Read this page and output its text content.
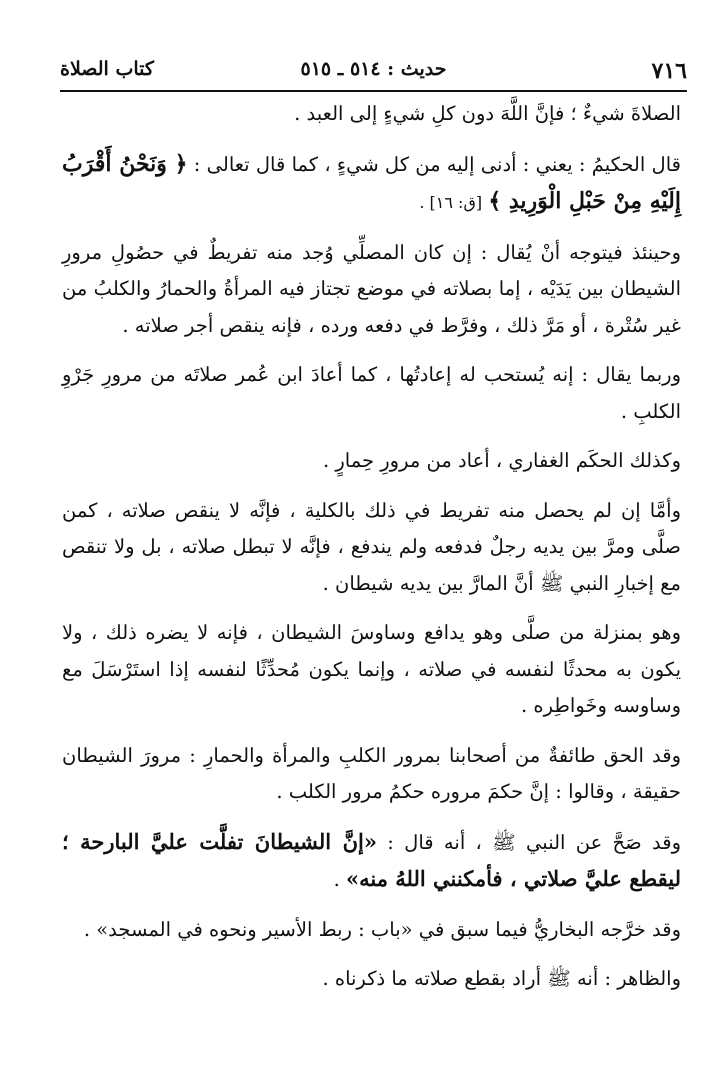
٧١٦
حديث : ٥١٤ ـ ٥١٥
كتاب الصلاة

الصلاةَ شيءٌ ؛ فإنَّ اللَّهَ دون كلِ شيءٍ إلى العبد .

قال الحكيمُ : يعني : أدنى إليه من كل شيءٍ ، كما قال تعالى : ﴿ وَنَحْنُ أَقْرَبُ إِلَيْهِ مِنْ حَبْلِ الْوَرِيدِ ﴾ [ق: ١٦] .

وحينئذ فيتوجه أنْ يُقال : إن كان المصلِّي وُجد منه تفريطٌ في حصُولِ مرورِ الشيطان بين يَدَيْه ، إما بصلاته في موضع تجتاز فيه المرأةُ والحمارُ والكلبُ من غير سُتْرة ، أو مَرَّ ذلك ، وفرَّط في دفعه ورده ، فإنه ينقص أجر صلاته .

وربما يقال : إنه يُستحب له إعادتُها ، كما أعادَ ابن عُمر صلاتَه من مرورِ جَرْوِ الكلبِ .

وكذلك الحكَم الغفاري ، أعاد من مرورِ حِمارٍ .

وأمَّا إن لم يحصل منه تفريط في ذلك بالكلية ، فإنَّه لا ينقص صلاته ، كمن صلَّى ومرَّ بين يديه رجلٌ فدفعه ولم يندفع ، فإنَّه لا تبطل صلاته ، بل ولا تنقص مع إخبارِ النبي ﷺ أنَّ المارَّ بين يديه شيطان .

وهو بمنزلة من صلَّى وهو يدافع وساوسَ الشيطان ، فإنه لا يضره ذلك ، ولا يكون به محدثًا لنفسه في صلاته ، وإنما يكون مُحدِّثًا لنفسه إذا استَرْسَلَ مع وساوسه وخَواطِره .

وقد الحق طائفةٌ من أصحابنا بمرور الكلبِ والمرأة والحمارِ : مرورَ الشيطان حقيقة ، وقالوا : إنَّ حكمَ مروره حكمُ مرور الكلب .

وقد صَحَّ عن النبي ﷺ ، أنه قال : «إنَّ الشيطانَ تفلَّت عليَّ البارحة ؛ ليقطع عليَّ صلاتي ، فأمكنني اللهُ منه» .

وقد خرَّجه البخاريُّ فيما سبق في «باب : ربط الأسير ونحوه في المسجد» .

والظاهر : أنه ﷺ أراد بقطع صلاته ما ذكرناه .
